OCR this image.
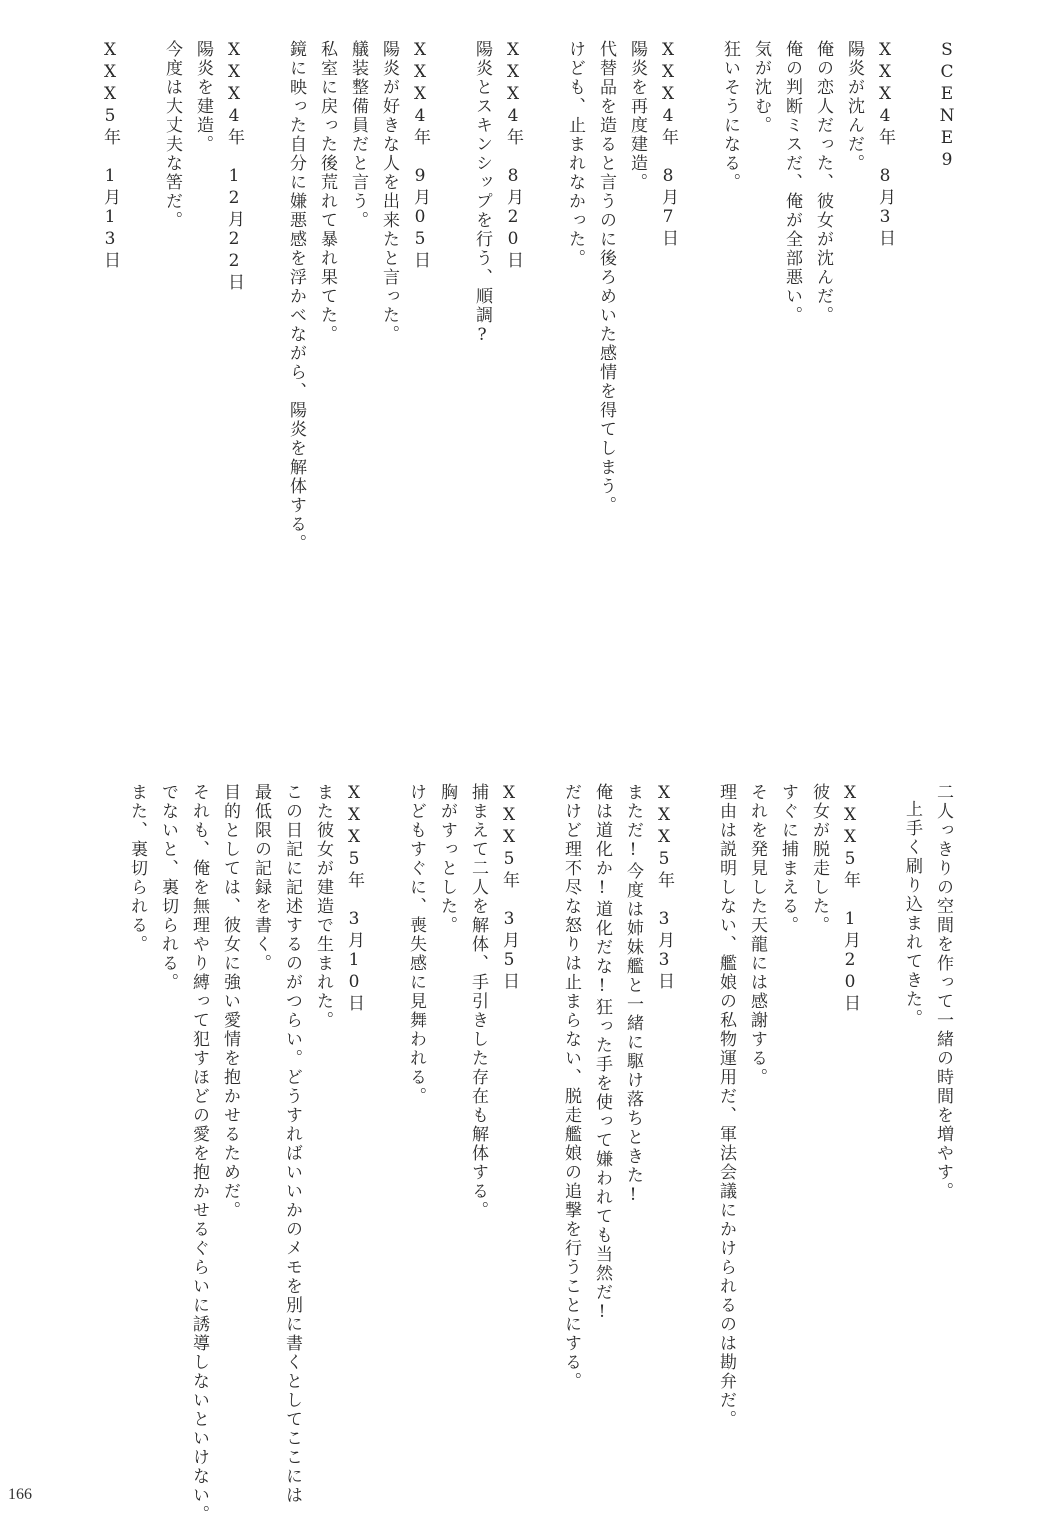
SCENE9

XXX4年　8月3日

陽炎が沈んだ。

俺の恋人だった、彼女が沈んだ。

俺の判断ミスだ、俺が全部悪い。

気が沈む。

狂いそうになる。

XXX4年　8月7日

陽炎を再度建造。

代替品を造ると言うのに後ろめいた感情を得てしまう。

けども、止まれなかった。

XXX4年　8月20日

陽炎とスキンシップを行う、順調?

XXX4年　9月05日

陽炎が好きな人を出来たと言った。

艤装整備員だと言う。

私室に戻った後荒れて暴れ果てた。

鏡に映った自分に嫌悪感を浮かべながら、陽炎を解体する。

XXX4年　12月22日

陽炎を建造。

今度は大丈夫な筈だ。

XXX5年　1月13日

二人っきりの空間を作って一緒の時間を増やす。

上手く刷り込まれてきた。

XXX5年　1月20日

彼女が脱走した。

すぐに捕まえる。

それを発見した天龍には感謝する。

理由は説明しない、艦娘の私物運用だ、軍法会議にかけられるのは勘弁だ。

XXX5年　3月3日

まただ!今度は姉妹艦と一緒に駆け落ちときた!

俺は道化か!道化だな!狂った手を使って嫌われても当然だ!

だけど理不尽な怒りは止まらない、脱走艦娘の追撃を行うことにする。

XXX5年　3月5日

捕まえて二人を解体、手引きした存在も解体する。

胸がすっとした。

けどもすぐに、喪失感に見舞われる。

XXX5年　3月10日

また彼女が建造で生まれた。

この日記に記述するのがつらい。どうすればいいかのメモを別に書くとしてここには

最低限の記録を書く。

目的としては、彼女に強い愛情を抱かせるためだ。

それも、俺を無理やり縛って犯すほどの愛を抱かせるぐらいに誘導しないといけない。

でないと、裏切られる。

また、裏切られる。

166
